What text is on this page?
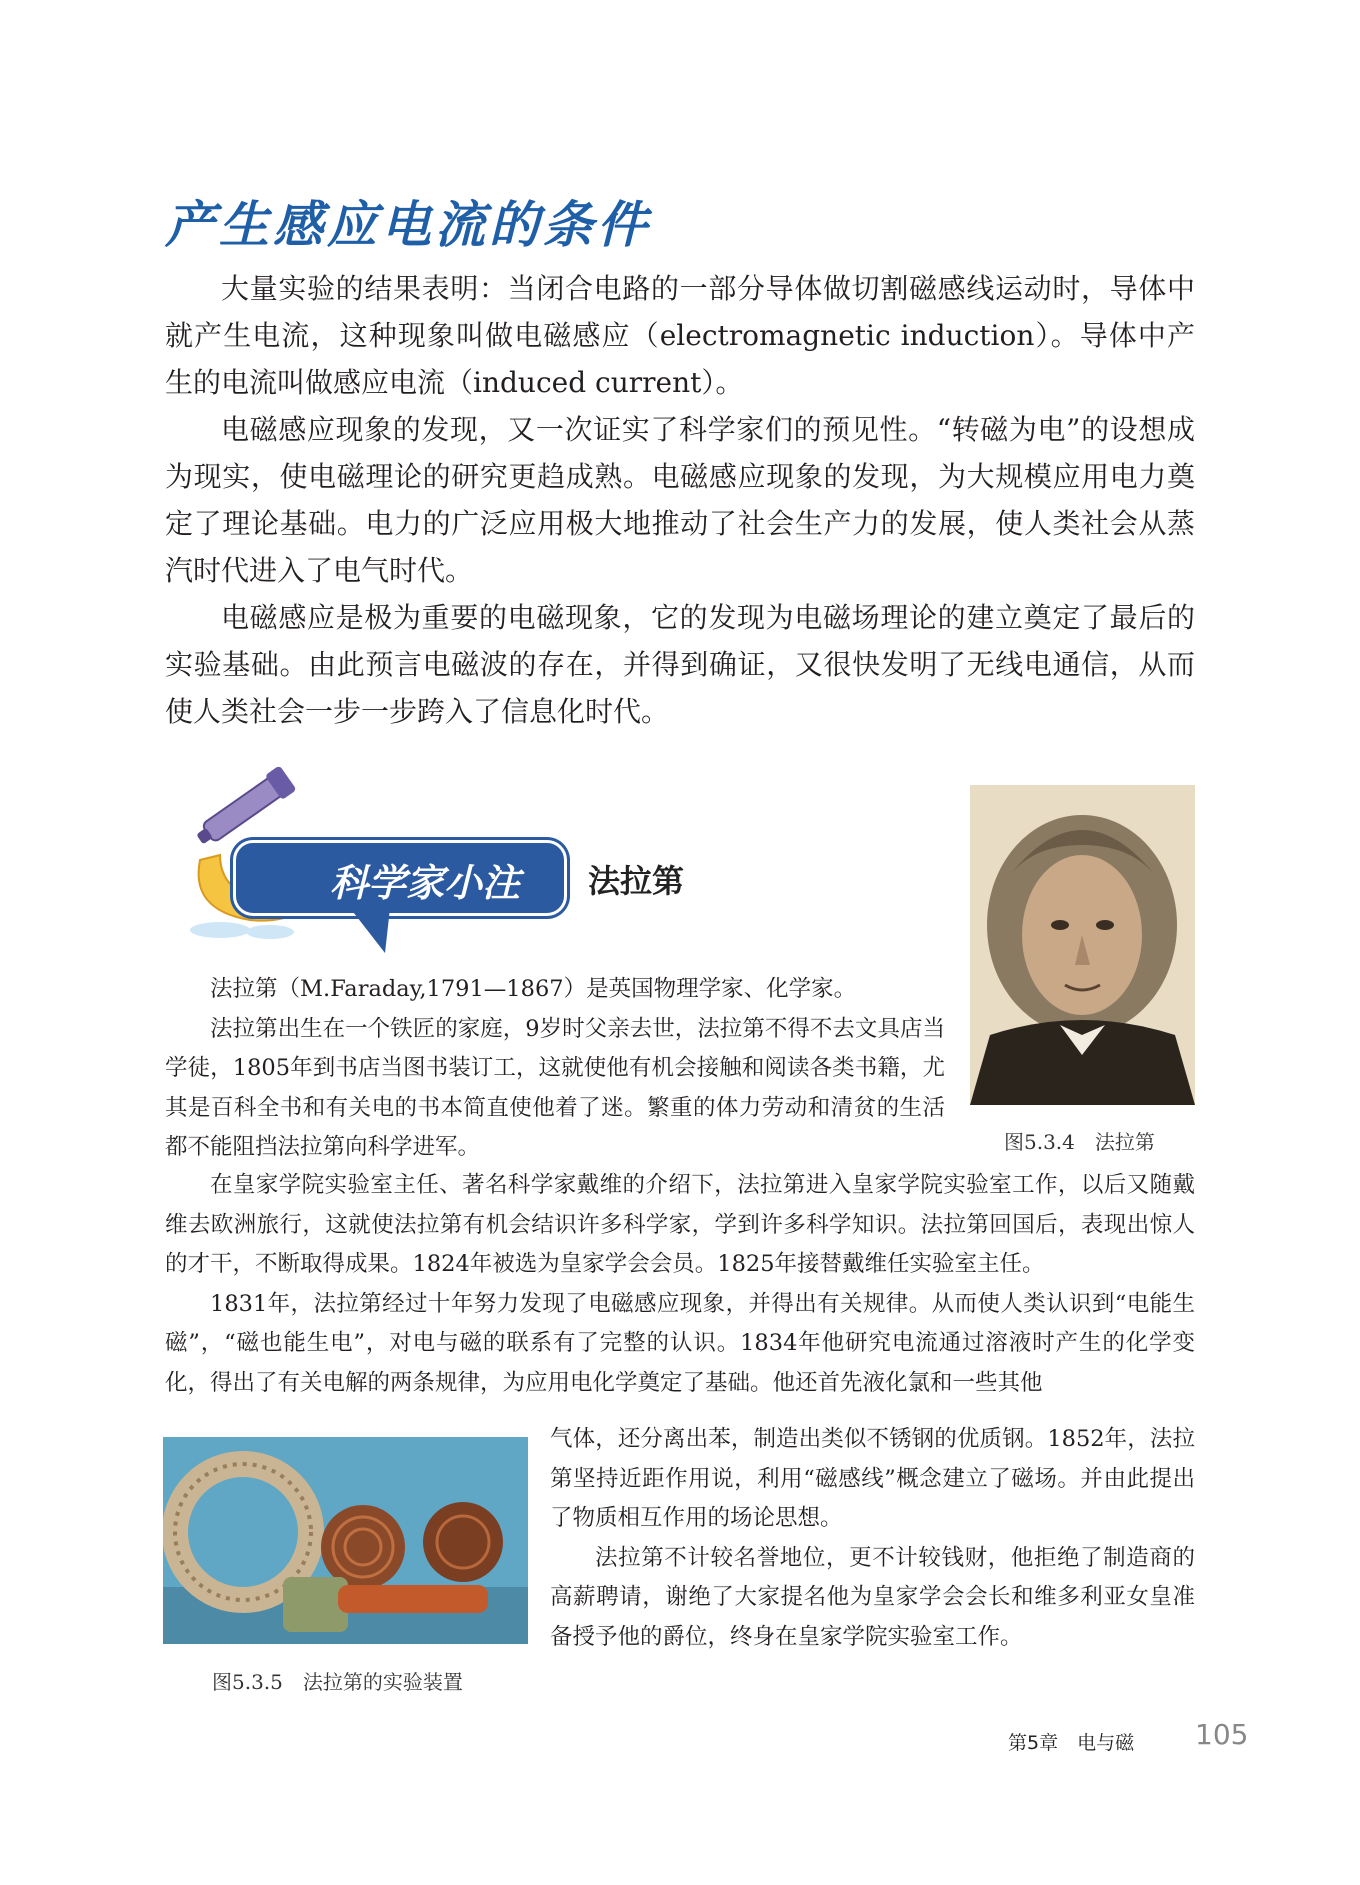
产生感应电流的条件

大量实验的结果表明：当闭合电路的一部分导体做切割磁感线运动时，导体中就产生电流，这种现象叫做电磁感应（electromagnetic induction）。导体中产生的电流叫做感应电流（induced current）。

电磁感应现象的发现，又一次证实了科学家们的预见性。“转磁为电”的设想成为现实，使电磁理论的研究更趋成熟。电磁感应现象的发现，为大规模应用电力奠定了理论基础。电力的广泛应用极大地推动了社会生产力的发展，使人类社会从蒸汽时代进入了电气时代。

电磁感应是极为重要的电磁现象，它的发现为电磁场理论的建立奠定了最后的实验基础。由此预言电磁波的存在，并得到确证，又很快发明了无线电通信，从而使人类社会一步一步跨入了信息化时代。

科学家小注 法拉第
图5.3.4　法拉第

法拉第（M.Faraday,1791—1867）是英国物理学家、化学家。

法拉第出生在一个铁匠的家庭，9岁时父亲去世，法拉第不得不去文具店当学徒，1805年到书店当图书装订工，这就使他有机会接触和阅读各类书籍，尤其是百科全书和有关电的书本简直使他着了迷。繁重的体力劳动和清贫的生活都不能阻挡法拉第向科学进军。

在皇家学院实验室主任、著名科学家戴维的介绍下，法拉第进入皇家学院实验室工作，以后又随戴维去欧洲旅行，这就使法拉第有机会结识许多科学家，学到许多科学知识。法拉第回国后，表现出惊人的才干，不断取得成果。1824年被选为皇家学会会员。1825年接替戴维任实验室主任。

1831年，法拉第经过十年努力发现了电磁感应现象，并得出有关规律。从而使人类认识到“电能生磁”，“磁也能生电”，对电与磁的联系有了完整的认识。1834年他研究电流通过溶液时产生的化学变化，得出了有关电解的两条规律，为应用电化学奠定了基础。他还首先液化氯和一些其他

图5.3.5　法拉第的实验装置

气体，还分离出苯，制造出类似不锈钢的优质钢。1852年，法拉第坚持近距作用说，利用“磁感线”概念建立了磁场。并由此提出了物质相互作用的场论思想。

法拉第不计较名誉地位，更不计较钱财，他拒绝了制造商的高薪聘请，谢绝了大家提名他为皇家学会会长和维多利亚女皇准备授予他的爵位，终身在皇家学院实验室工作。

第5章　电与磁 105
